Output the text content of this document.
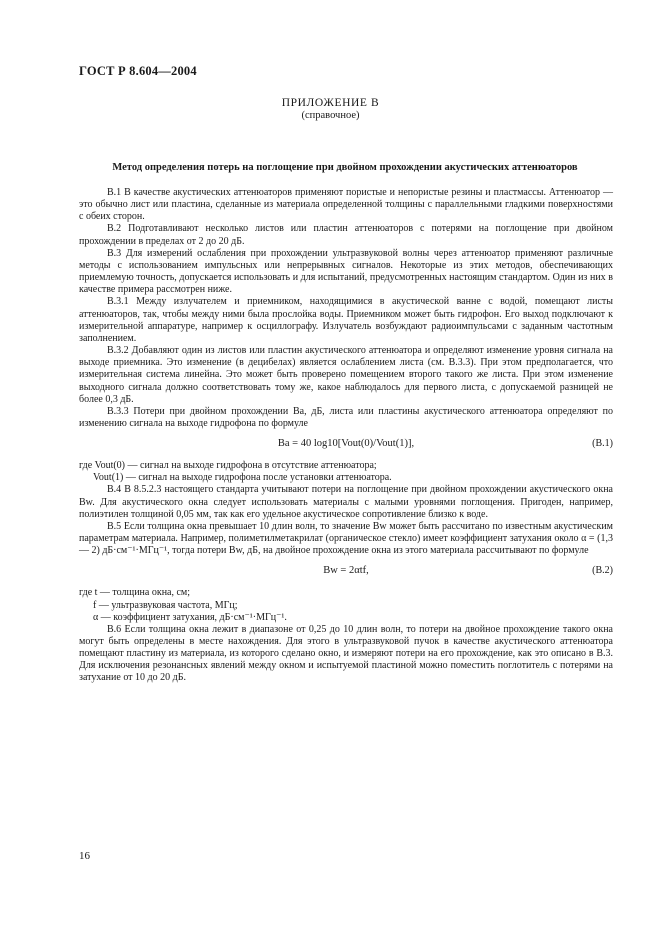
ГОСТ Р 8.604—2004
ПРИЛОЖЕНИЕ В
(справочное)
Метод определения потерь на поглощение при двойном прохождении акустических аттенюаторов

В.1 В качестве акустических аттенюаторов применяют пористые и непористые резины и пластмассы. Аттенюатор — это обычно лист или пластина, сделанные из материала определенной толщины с параллельными гладкими поверхностями с обеих сторон.

В.2 Подготавливают несколько листов или пластин аттенюаторов с потерями на поглощение при двойном прохождении в пределах от 2 до 20 дБ.

В.3 Для измерений ослабления при прохождении ультразвуковой волны через аттенюатор применяют различные методы с использованием импульсных или непрерывных сигналов. Некоторые из этих методов, обеспечивающих приемлемую точность, допускается использовать и для испытаний, предусмотренных настоящим стандартом. Один из них в качестве примера рассмотрен ниже.

В.3.1 Между излучателем и приемником, находящимися в акустической ванне с водой, помещают листы аттенюаторов, так, чтобы между ними была прослойка воды. Приемником может быть гидрофон. Его выход подключают к измерительной аппаратуре, например к осциллографу. Излучатель возбуждают радиоимпульсами с заданным частотным заполнением.

В.3.2 Добавляют один из листов или пластин акустического аттенюатора и определяют изменение уровня сигнала на выходе приемника. Это изменение (в децибелах) является ослаблением листа (см. В.3.3). При этом предполагается, что измерительная система линейна. Это может быть проверено помещением второго такого же листа. При этом изменение выходного сигнала должно соответствовать тому же, какое наблюдалось для первого листа, с допускаемой разницей не более 0,3 дБ.

В.3.3 Потери при двойном прохождении Bа, дБ, листа или пластины акустического аттенюатора определяют по изменению сигнала на выходе гидрофона по формуле

Bа = 40 log10[Vout(0)/Vout(1)],	(В.1)

где Vout(0) — сигнал на выходе гидрофона в отсутствие аттенюатора;

Vout(1) — сигнал на выходе гидрофона после установки аттенюатора.

В.4 В 8.5.2.3 настоящего стандарта учитывают потери на поглощение при двойном прохождении акустического окна Bw. Для акустического окна следует использовать материалы с малыми уровнями поглощения. Пригоден, например, полиэтилен толщиной 0,05 мм, так как его удельное акустическое сопротивление близко к воде.

В.5 Если толщина окна превышает 10 длин волн, то значение Bw может быть рассчитано по известным акустическим параметрам материала. Например, полиметилметакрилат (органическое стекло) имеет коэффициент затухания около α = (1,3 — 2) дБ·см⁻¹·МГц⁻¹, тогда потери Bw, дБ, на двойное прохождение окна из этого материала рассчитывают по формуле

Bw = 2αtf,	(В.2)

где t — толщина окна, см;

f — ультразвуковая частота, МГц;

α — коэффициент затухания, дБ·см⁻¹·МГц⁻¹.

В.6 Если толщина окна лежит в диапазоне от 0,25 до 10 длин волн, то потери на двойное прохождение такого окна могут быть определены в месте нахождения. Для этого в ультразвуковой пучок в качестве акустического аттенюатора помещают пластину из материала, из которого сделано окно, и измеряют потери на его прохождение, как это описано в В.3. Для исключения резонансных явлений между окном и испытуемой пластиной можно поместить поглотитель с потерями на затухание от 10 до 20 дБ.

16
